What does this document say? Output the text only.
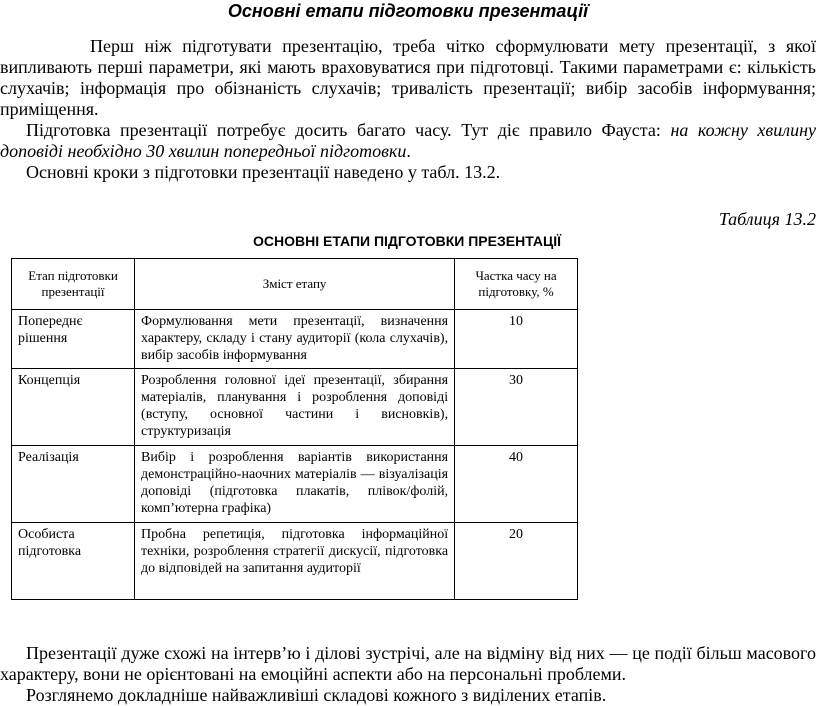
Основні етапи підготовки презентації

Перш ніж підготувати презентацію, треба чітко сформулювати мету презентації, з якої випливають перші параметри, які мають враховуватися при підготовці. Такими параметрами є: кількість слухачів; інформація про обізнаність слухачів; тривалість презентації; вибір засобів інформування; приміщення.

Підготовка презентації потребує досить багато часу. Тут діє правило Фауста: на кожну хвилину доповіді необхідно 30 хвилин попередньої підготовки.

Основні кроки з підготовки презентації наведено у табл. 13.2.

Таблиця 13.2
ОСНОВНІ ЕТАПИ ПІДГОТОВКИ ПРЕЗЕНТАЦІЇ
Етап підготовки презентації	Зміст етапу	Частка часу на підготовку, %
Попереднє рішення	Формулювання мети презентації, визначення характеру, складу і стану аудиторії (кола слухачів), вибір засобів інформування	10
Концепція	Розроблення головної ідеї презентації, збирання матеріалів, планування і розроблення доповіді (вступу, основної частини і висновків), структуризація	30
Реалізація	Вибір і розроблення варіантів використання демонстраційно-наочних матеріалів — візуалізація доповіді (підготовка плакатів, плівок/фолій, комп’ютерна графіка)	40
Особиста підготовка	Пробна репетиція, підготовка інформаційної техніки, розроблення стратегії дискусії, підготовка до відповідей на запитання аудиторії	20

Презентації дуже схожі на інтерв’ю і ділові зустрічі, але на відміну від них — це події більш масового характеру, вони не орієнтовані на емоційні аспекти або на персональні проблеми.

Розглянемо докладніше найважливіші складові кожного з виділених етапів.
